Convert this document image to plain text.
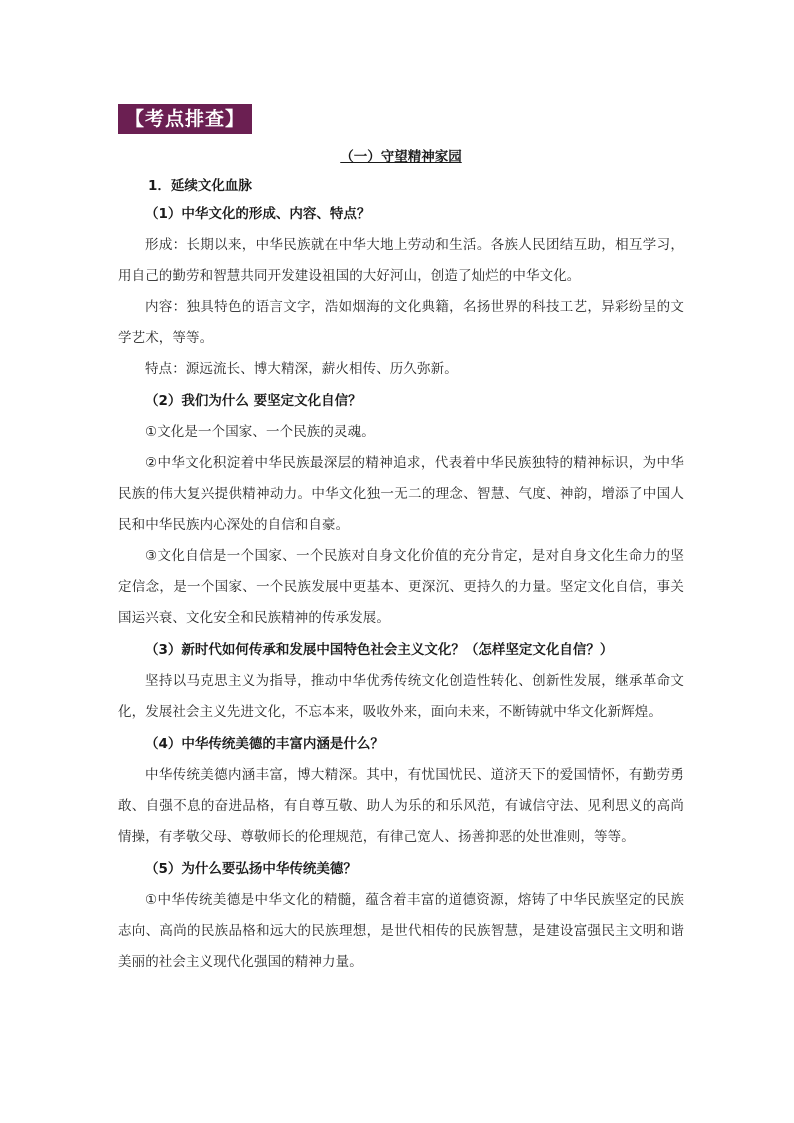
【考点排查】
（一）守望精神家园
1．延续文化血脉
（1）中华文化的形成、内容、特点？
形成：长期以来，中华民族就在中华大地上劳动和生活。各族人民团结互助，相互学习，用自己的勤劳和智慧共同开发建设祖国的大好河山，创造了灿烂的中华文化。
内容：独具特色的语言文字，浩如烟海的文化典籍，名扬世界的科技工艺，异彩纷呈的文学艺术，等等。
特点：源远流长、博大精深，薪火相传、历久弥新。
（2）我们为什么 要坚定文化自信？
①文化是一个国家、一个民族的灵魂。
②中华文化积淀着中华民族最深层的精神追求，代表着中华民族独特的精神标识，为中华民族的伟大复兴提供精神动力。中华文化独一无二的理念、智慧、气度、神韵，增添了中国人民和中华民族内心深处的自信和自豪。
③文化自信是一个国家、一个民族对自身文化价值的充分肯定，是对自身文化生命力的坚定信念，是一个国家、一个民族发展中更基本、更深沉、更持久的力量。坚定文化自信，事关国运兴衰、文化安全和民族精神的传承发展。
（3）新时代如何传承和发展中国特色社会主义文化？（怎样坚定文化自信？）
坚持以马克思主义为指导，推动中华优秀传统文化创造性转化、创新性发展，继承革命文化，发展社会主义先进文化，不忘本来，吸收外来，面向未来，不断铸就中华文化新辉煌。
（4）中华传统美德的丰富内涵是什么？
中华传统美德内涵丰富，博大精深。其中，有忧国忧民、道济天下的爱国情怀，有勤劳勇敢、自强不息的奋进品格，有自尊互敬、助人为乐的和乐风范，有诚信守法、见利思义的高尚情操，有孝敬父母、尊敬师长的伦理规范，有律己宽人、扬善抑恶的处世准则，等等。
（5）为什么要弘扬中华传统美德？
①中华传统美德是中华文化的精髓，蕴含着丰富的道德资源，熔铸了中华民族坚定的民族志向、高尚的民族品格和远大的民族理想，是世代相传的民族智慧，是建设富强民主文明和谐美丽的社会主义现代化强国的精神力量。
